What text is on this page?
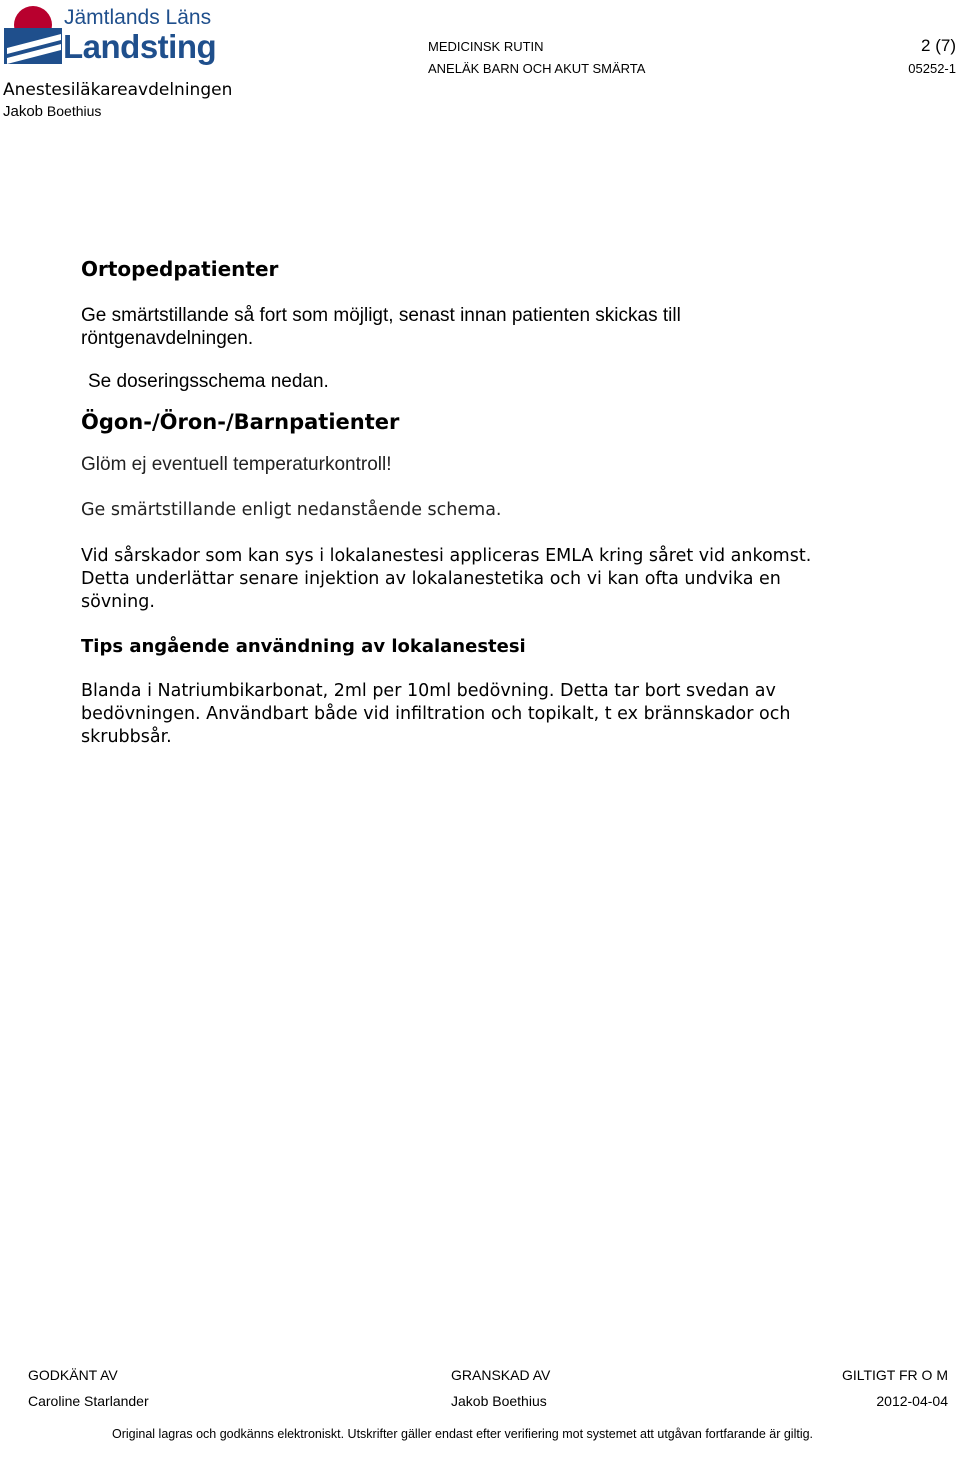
Jämtlands Läns
Landsting
Anestesiläkareavdelningen
Jakob Boethius
MEDICINSK RUTIN
ANELÄK BARN OCH AKUT SMÄRTA
2 (7)
05252-1
Ortopedpatienter

Ge smärtstillande så fort som möjligt, senast innan patienten skickas till

röntgenavdelningen.

Se doseringsschema nedan.

Ögon-/Öron-/Barnpatienter

Glöm ej eventuell temperaturkontroll!

Ge smärtstillande enligt nedanstående schema.

Vid sårskador som kan sys i lokalanestesi appliceras EMLA kring såret vid ankomst.

Detta underlättar senare injektion av lokalanestetika och vi kan ofta undvika en

sövning.

Tips angående användning av lokalanestesi

Blanda i Natriumbikarbonat, 2ml per 10ml bedövning. Detta tar bort svedan av

bedövningen. Användbart både vid infiltration och topikalt, t ex brännskador och

skrubbsår.

GODKÄNT AV
Caroline Starlander
GRANSKAD AV
Jakob Boethius
GILTIGT FR O M
2012-04-04
Original lagras och godkänns elektroniskt. Utskrifter gäller endast efter verifiering mot systemet att utgåvan fortfarande är giltig.
